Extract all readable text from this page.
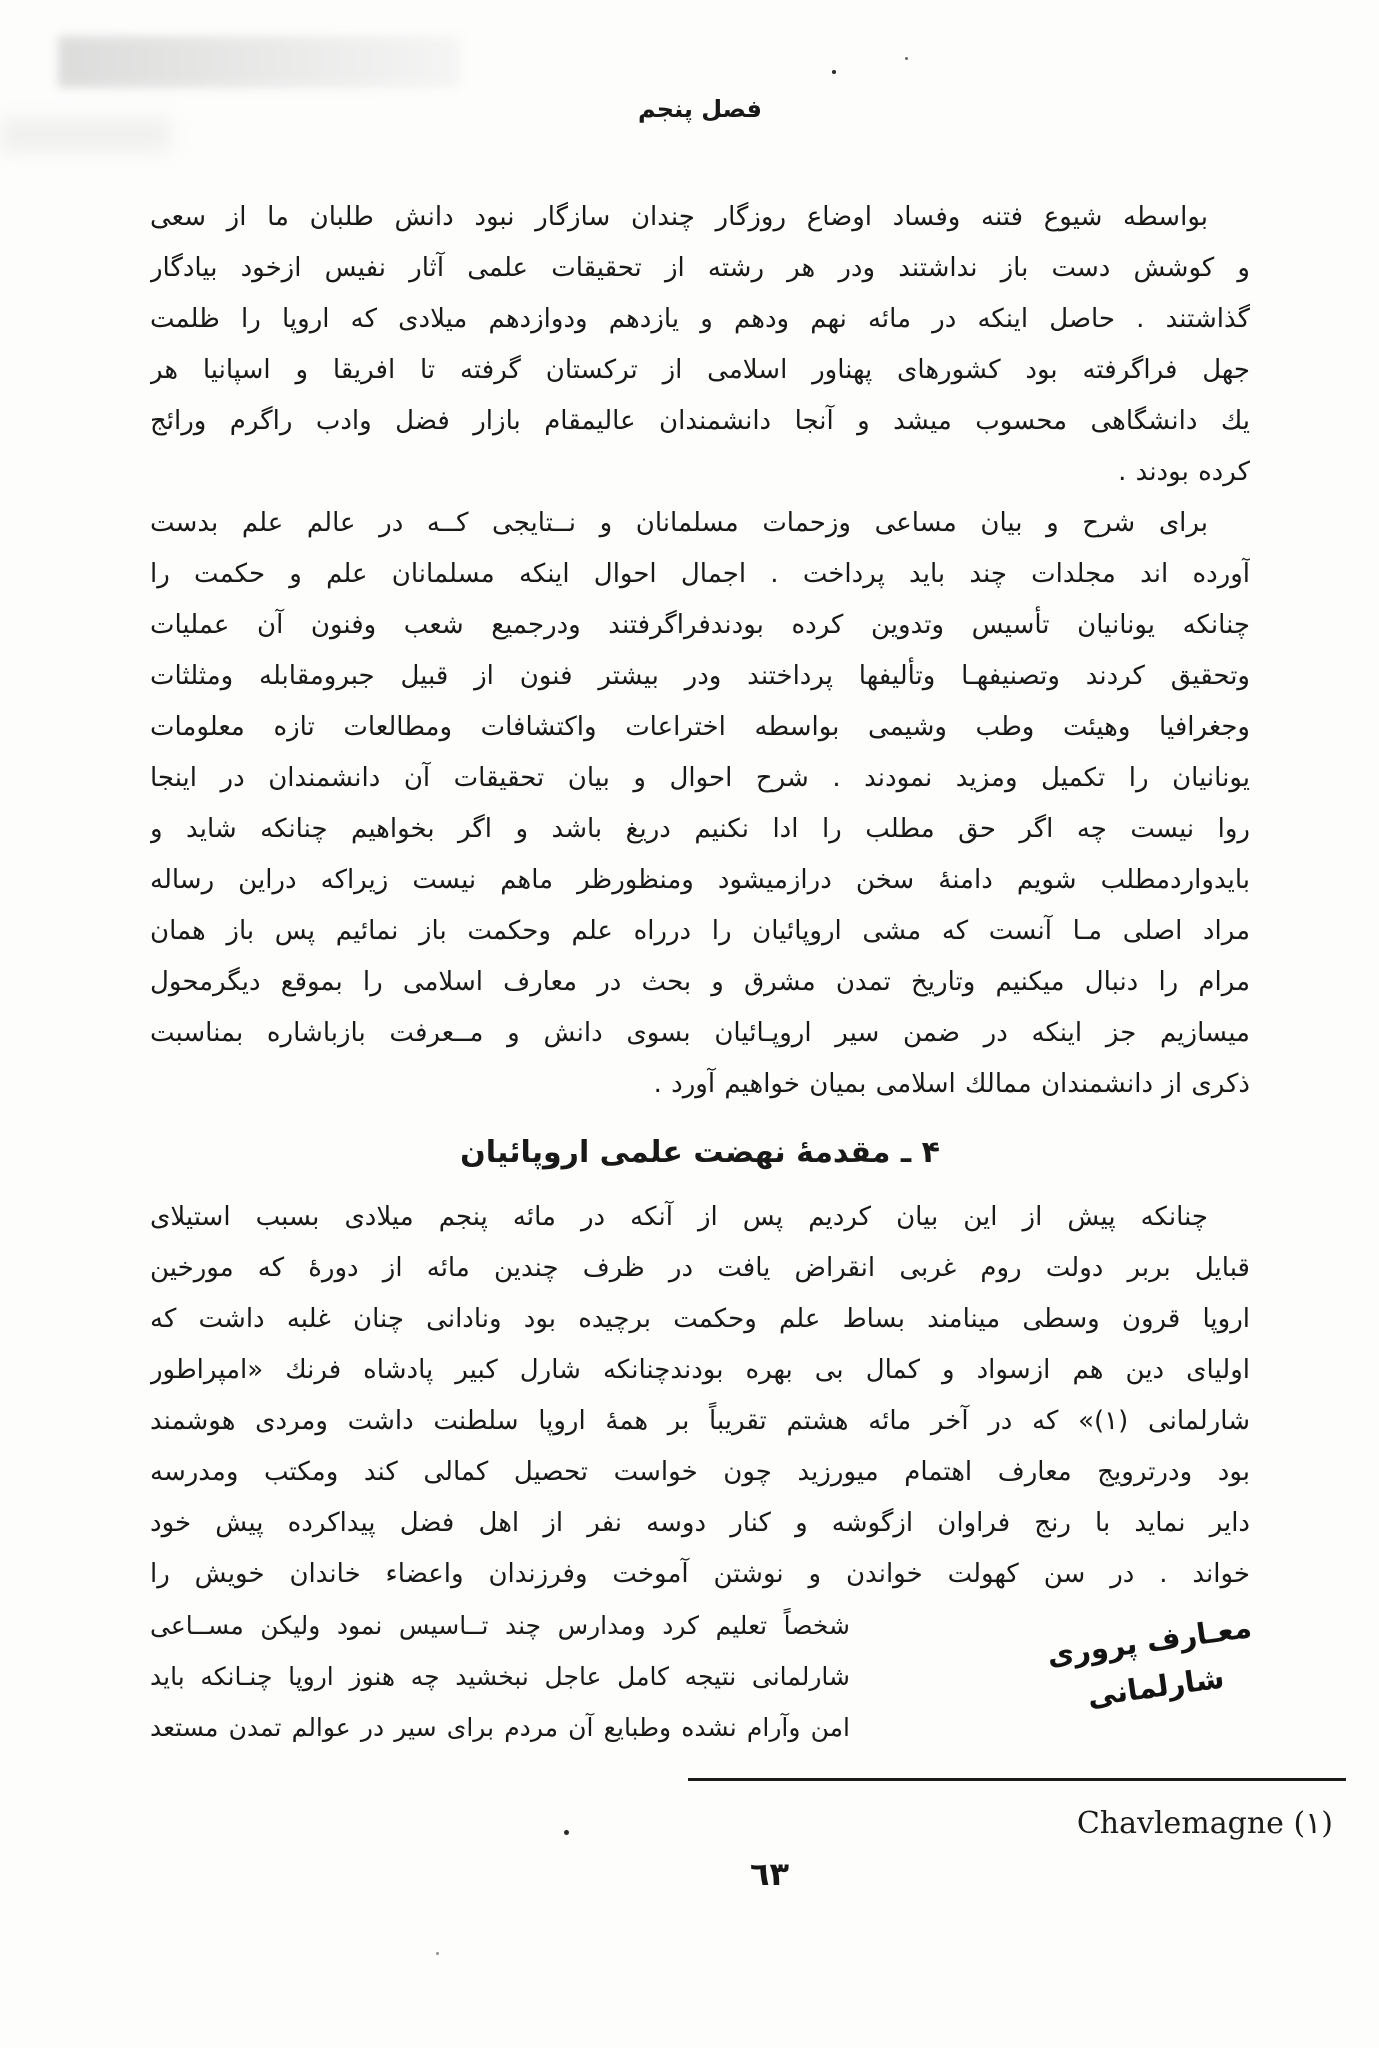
فصل پنجم
بواسطه شیوع فتنه وفساد اوضاع روزگار چندان سازگار نبود دانش طلبان ما از سعی
و کوشش دست باز نداشتند ودر هر رشته از تحقیقات علمی آثار نفیس ازخود بیادگار
گذاشتند . حاصل اینکه در مائه نهم ودهم و یازدهم ودوازدهم میلادی که اروپا را ظلمت
جهل فراگرفته بود کشورهای پهناور اسلامی از ترکستان گرفته تا افریقا و اسپانیا هر
یك دانشگاهی محسوب میشد و آنجا دانشمندان عالیمقام بازار فضل وادب راگرم ورائج
کرده بودند .
برای شرح و بیان مساعی وزحمات مسلمانان و نــتایجی کــه در عالم علم بدست
آورده اند مجلدات چند باید پرداخت . اجمال احوال اینکه مسلمانان علم و حکمت را
چنانکه یونانیان تأسیس وتدوین کرده بودندفراگرفتند ودرجمیع شعب وفنون آن عملیات
وتحقیق کردند وتصنیفهـا وتألیفها پرداختند ودر بیشتر فنون از قبیل جبرومقابله ومثلثات
وجغرافیا وهیئت وطب وشیمی بواسطه اختراعات واکتشافات ومطالعات تازه معلومات
یونانیان را تکمیل ومزید نمودند . شرح احوال و بیان تحقیقات آن دانشمندان در اینجا
روا نیست چه اگر حق مطلب را ادا نکنیم دریغ باشد و اگر بخواهیم چنانکه شاید و
بایدواردمطلب شویم دامنۀ سخن درازمیشود ومنظورظر ماهم نیست زیراکه دراین رساله
مراد اصلی مـا آنست که مشی اروپائیان را درراه علم وحکمت باز نمائیم پس باز همان
مرام را دنبال میکنیم وتاریخ تمدن مشرق و بحث در معارف اسلامی را بموقع دیگرمحول
میسازیم جز اینکه در ضمن سیر اروپـائیان بسوی دانش و مــعرفت بازباشاره بمناسبت
ذکری از دانشمندان ممالك اسلامی بمیان خواهیم آورد .
۴ ـ مقدمۀ نهضت علمی اروپائیان
چنانکه پیش از این بیان کردیم پس از آنکه در مائه پنجم میلادی بسبب استیلای
قبایل بربر دولت روم غربی انقراض یافت در ظرف چندین مائه از دورۀ که مورخین
اروپا قرون وسطی مینامند بساط علم وحکمت برچیده بود ونادانی چنان غلبه داشت که
اولیای دین هم ازسواد و کمال بی بهره بودندچنانکه شارل کبیر پادشاه فرنك «امپراطور
شارلمانی (١)» که در آخر مائه هشتم تقریباً بر همۀ اروپا سلطنت داشت ومردی هوشمند
بود ودرترویج معارف اهتمام میورزید چون خواست تحصیل کمالی کند ومکتب ومدرسه
دایر نماید با رنج فراوان ازگوشه و کنار دوسه نفر از اهل فضل پیداکرده پیش خود
خواند . در سن کهولت خواندن و نوشتن آموخت وفرزندان واعضاء خاندان خویش را
شخصاً تعلیم کرد ومدارس چند تــاسیس نمود ولیکن مســاعی
شارلمانی نتیجه کامل عاجل نبخشید چه هنوز اروپا چنـانکه باید
امن وآرام نشده وطبایع آن مردم برای سیر در عوالم تمدن مستعد
معـارف پروری
شارلمانی
Chavlemagne (١)
٦٣
